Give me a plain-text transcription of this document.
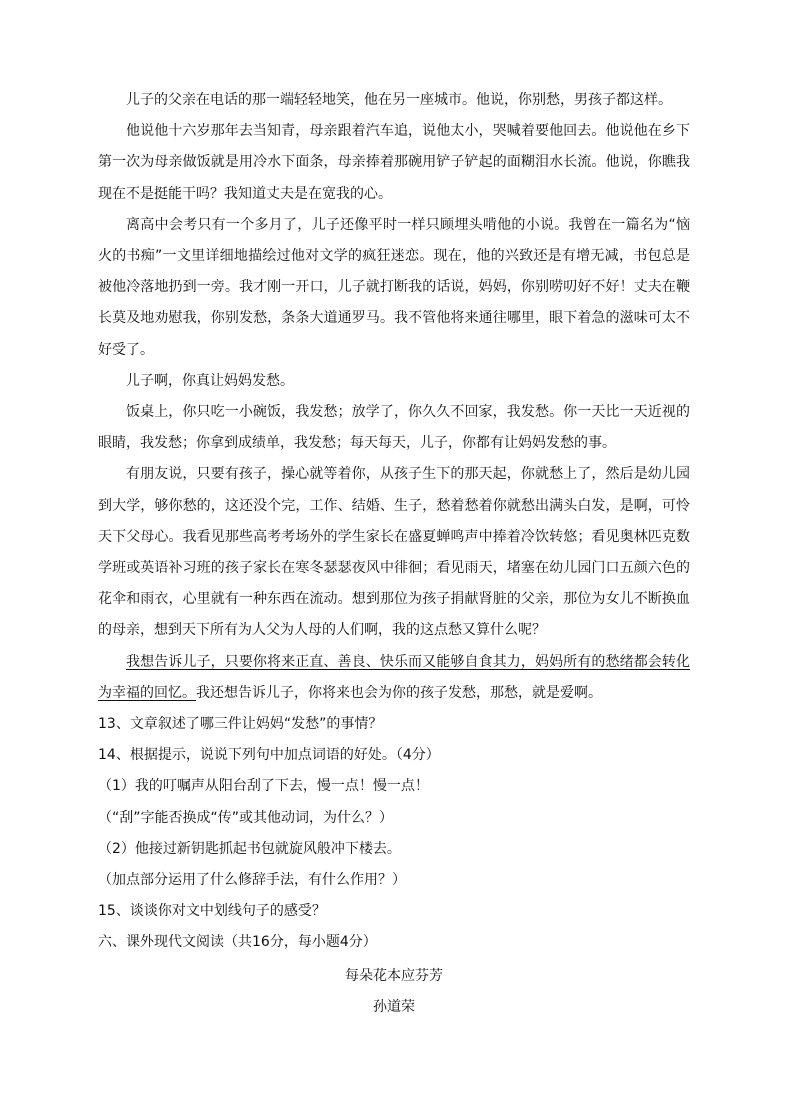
儿子的父亲在电话的那一端轻轻地笑，他在另一座城市。他说，你别愁，男孩子都这样。

他说他十六岁那年去当知青，母亲跟着汽车追，说他太小，哭喊着要他回去。他说他在乡下第一次为母亲做饭就是用冷水下面条，母亲捧着那碗用铲子铲起的面糊泪水长流。他说，你瞧我现在不是挺能干吗？我知道丈夫是在宽我的心。

离高中会考只有一个多月了，儿子还像平时一样只顾埋头啃他的小说。我曾在一篇名为“恼火的书痴”一文里详细地描绘过他对文学的疯狂迷恋。现在，他的兴致还是有增无减，书包总是被他冷落地扔到一旁。我才刚一开口，儿子就打断我的话说，妈妈，你别唠叨好不好！丈夫在鞭长莫及地劝慰我，你别发愁，条条大道通罗马。我不管他将来通往哪里，眼下着急的滋味可太不好受了。

儿子啊，你真让妈妈发愁。

饭桌上，你只吃一小碗饭，我发愁；放学了，你久久不回家，我发愁。你一天比一天近视的眼睛，我发愁；你拿到成绩单，我发愁；每天每天，儿子，你都有让妈妈发愁的事。

有朋友说，只要有孩子，操心就等着你，从孩子生下的那天起，你就愁上了，然后是幼儿园到大学，够你愁的，这还没个完，工作、结婚、生子，愁着愁着你就愁出满头白发，是啊，可怜天下父母心。我看见那些高考考场外的学生家长在盛夏蝉鸣声中捧着冷饮转悠；看见奥林匹克数学班或英语补习班的孩子家长在寒冬瑟瑟夜风中徘徊；看见雨天，堵塞在幼儿园门口五颜六色的花伞和雨衣，心里就有一种东西在流动。想到那位为孩子捐献肾脏的父亲，那位为女儿不断换血的母亲，想到天下所有为人父为人母的人们啊，我的这点愁又算什么呢？

我想告诉儿子，只要你将来正直、善良、快乐而又能够自食其力，妈妈所有的愁绪都会转化为幸福的回忆。我还想告诉儿子，你将来也会为你的孩子发愁，那愁，就是爱啊。

13、文章叙述了哪三件让妈妈“发愁”的事情？

14、根据提示，说说下列句中加点词语的好处。（4分）

（1）我的叮嘱声从阳台刮了下去，慢一点！慢一点！

（“刮”字能否换成“传”或其他动词，为什么？）

（2）他接过新钥匙抓起书包就旋风般冲下楼去。

（加点部分运用了什么修辞手法，有什么作用？）

15、谈谈你对文中划线句子的感受？

六、课外现代文阅读（共16分，每小题4分）

每朵花本应芬芳

孙道荣
